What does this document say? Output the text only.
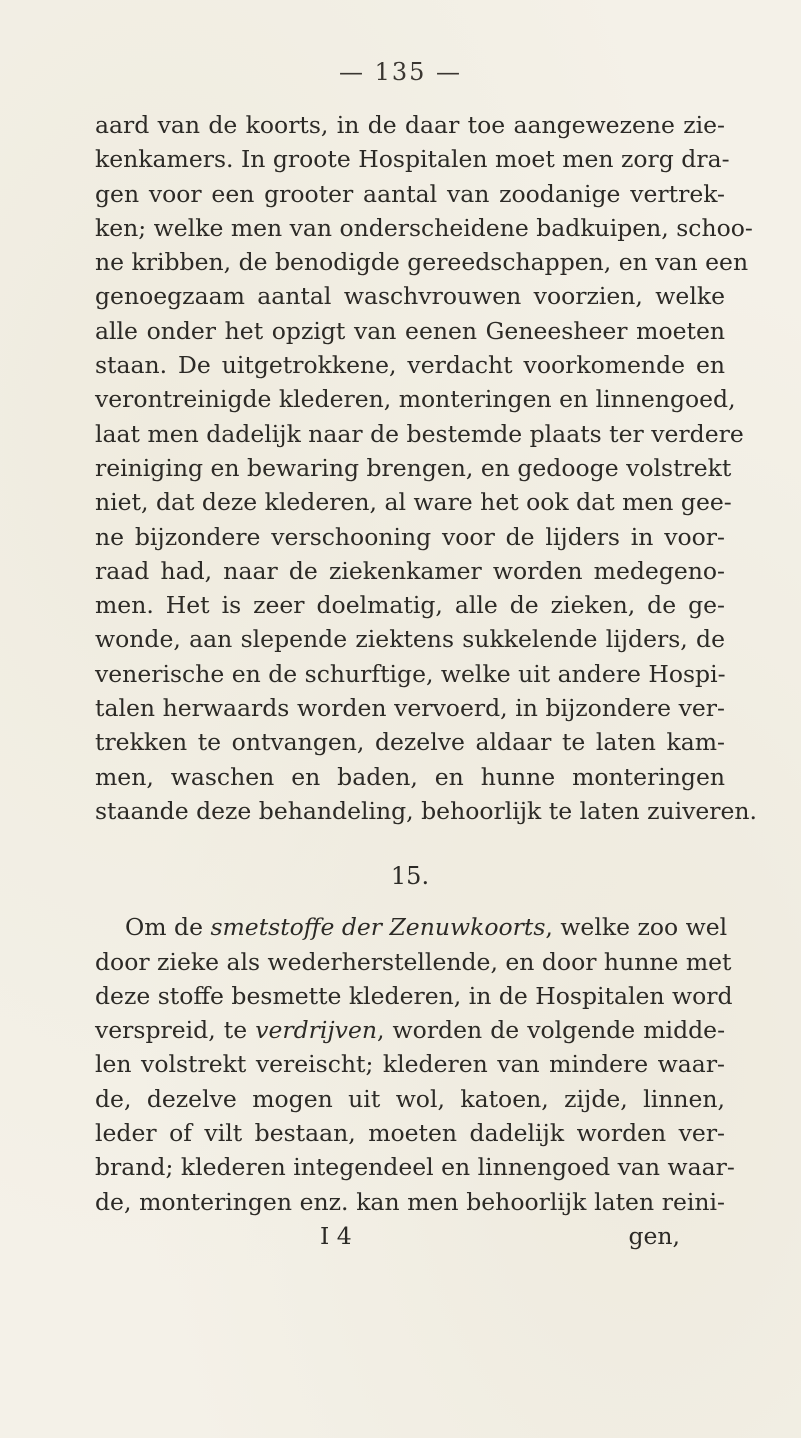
— 135 —
aard van de koorts, in de daar toe aangewezene zie-
kenkamers. In groote Hospitalen moet men zorg dra-
gen voor een grooter aantal van zoodanige vertrek-
ken; welke men van onderscheidene badkuipen, schoo-
ne kribben, de benodigde gereedschappen, en van een
genoegzaam aantal waschvrouwen voorzien, welke
alle onder het opzigt van eenen Geneesheer moeten
staan. De uitgetrokkene, verdacht voorkomende en
verontreinigde klederen, monteringen en linnengoed,
laat men dadelijk naar de bestemde plaats ter verdere
reiniging en bewaring brengen, en gedooge volstrekt
niet, dat deze klederen, al ware het ook dat men gee-
ne bijzondere verschooning voor de lijders in voor-
raad had, naar de ziekenkamer worden medegeno-
men. Het is zeer doelmatig, alle de zieken, de ge-
wonde, aan slepende ziektens sukkelende lijders, de
venerische en de schurftige, welke uit andere Hospi-
talen herwaards worden vervoerd, in bijzondere ver-
trekken te ontvangen, dezelve aldaar te laten kam-
men, waschen en baden, en hunne monteringen
staande deze behandeling, behoorlijk te laten zuiveren.
15.
Om de smetstoffe der Zenuwkoorts, welke zoo wel
door zieke als wederherstellende, en door hunne met
deze stoffe besmette klederen, in de Hospitalen word
verspreid, te verdrijven, worden de volgende midde-
len volstrekt vereischt; klederen van mindere waar-
de, dezelve mogen uit wol, katoen, zijde, linnen,
leder of vilt bestaan, moeten dadelijk worden ver-
brand; klederen integendeel en linnengoed van waar-
de, monteringen enz. kan men behoorlijk laten reini-
I 4	gen,
